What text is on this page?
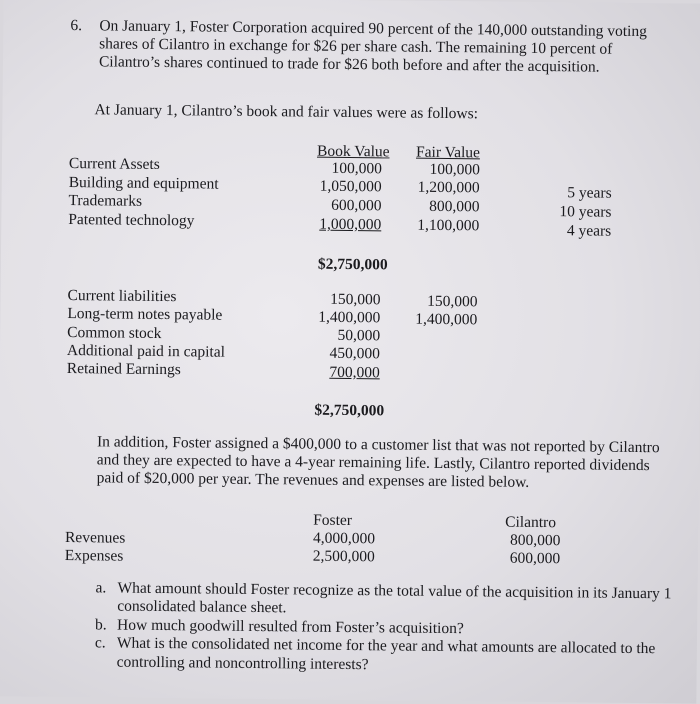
6. On January 1, Foster Corporation acquired 90 percent of the 140,000 outstanding voting
shares of Cilantro in exchange for $26 per share cash. The remaining 10 percent of
Cilantro’s shares continued to trade for $26 both before and after the acquisition.
At January 1, Cilantro’s book and fair values were as follows:
Book Value Fair Value
Current Assets	100,000	100,000
Building and equipment	1,050,000	1,200,000	5 years
Trademarks	600,000	800,000	10 years
Patented technology	1,000,000	1,100,000	4 years
$2,750,000
Current liabilities	150,000	150,000
Long-term notes payable	1,400,000	1,400,000
Common stock	50,000
Additional paid in capital	450,000
Retained Earnings	700,000
$2,750,000
In addition, Foster assigned a $400,000 to a customer list that was not reported by Cilantro
and they are expected to have a 4-year remaining life. Lastly, Cilantro reported dividends
paid of $20,000 per year. The revenues and expenses are listed below.
Foster	Cilantro
Revenues	4,000,000	800,000
Expenses	2,500,000	600,000
a. What amount should Foster recognize as the total value of the acquisition in its January 1
consolidated balance sheet.
b. How much goodwill resulted from Foster’s acquisition?
c. What is the consolidated net income for the year and what amounts are allocated to the
controlling and noncontrolling interests?
